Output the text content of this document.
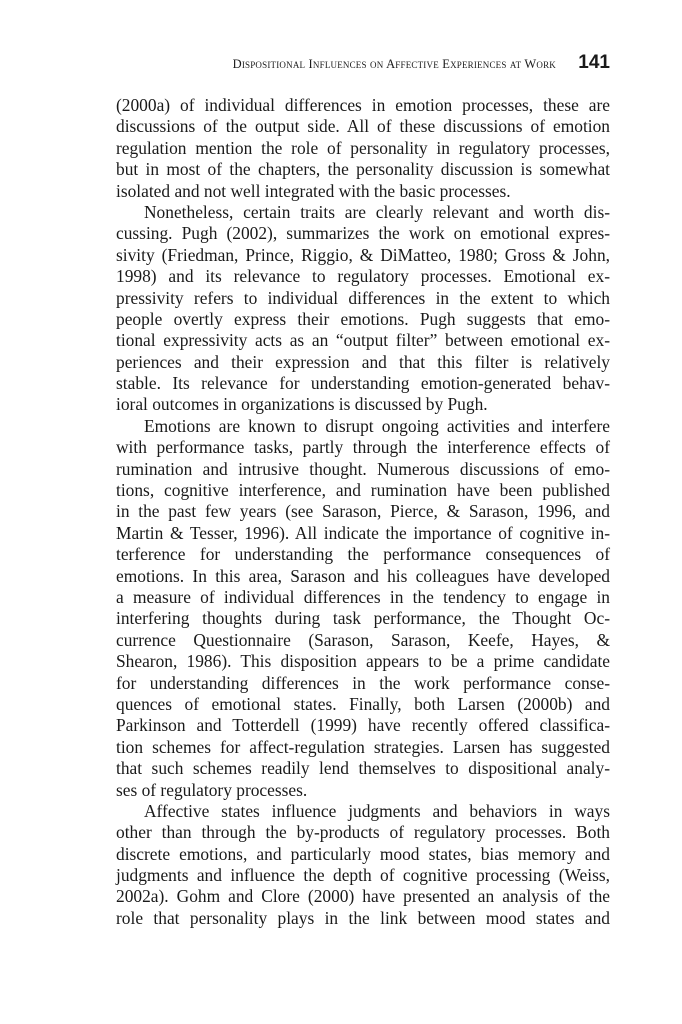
Dispositional Influences on Affective Experiences at Work 141
(2000a) of individual differences in emotion processes, these are
discussions of the output side. All of these discussions of emotion
regulation mention the role of personality in regulatory processes,
but in most of the chapters, the personality discussion is somewhat
isolated and not well integrated with the basic processes.
Nonetheless, certain traits are clearly relevant and worth dis-
cussing. Pugh (2002), summarizes the work on emotional expres-
sivity (Friedman, Prince, Riggio, & DiMatteo, 1980; Gross & John,
1998) and its relevance to regulatory processes. Emotional ex-
pressivity refers to individual differences in the extent to which
people overtly express their emotions. Pugh suggests that emo-
tional expressivity acts as an “output filter” between emotional ex-
periences and their expression and that this filter is relatively
stable. Its relevance for understanding emotion-generated behav-
ioral outcomes in organizations is discussed by Pugh.
Emotions are known to disrupt ongoing activities and interfere
with performance tasks, partly through the interference effects of
rumination and intrusive thought. Numerous discussions of emo-
tions, cognitive interference, and rumination have been published
in the past few years (see Sarason, Pierce, & Sarason, 1996, and
Martin & Tesser, 1996). All indicate the importance of cognitive in-
terference for understanding the performance consequences of
emotions. In this area, Sarason and his colleagues have developed
a measure of individual differences in the tendency to engage in
interfering thoughts during task performance, the Thought Oc-
currence Questionnaire (Sarason, Sarason, Keefe, Hayes, &
Shearon, 1986). This disposition appears to be a prime candidate
for understanding differences in the work performance conse-
quences of emotional states. Finally, both Larsen (2000b) and
Parkinson and Totterdell (1999) have recently offered classifica-
tion schemes for affect-regulation strategies. Larsen has suggested
that such schemes readily lend themselves to dispositional analy-
ses of regulatory processes.
Affective states influence judgments and behaviors in ways
other than through the by-products of regulatory processes. Both
discrete emotions, and particularly mood states, bias memory and
judgments and influence the depth of cognitive processing (Weiss,
2002a). Gohm and Clore (2000) have presented an analysis of the
role that personality plays in the link between mood states and
